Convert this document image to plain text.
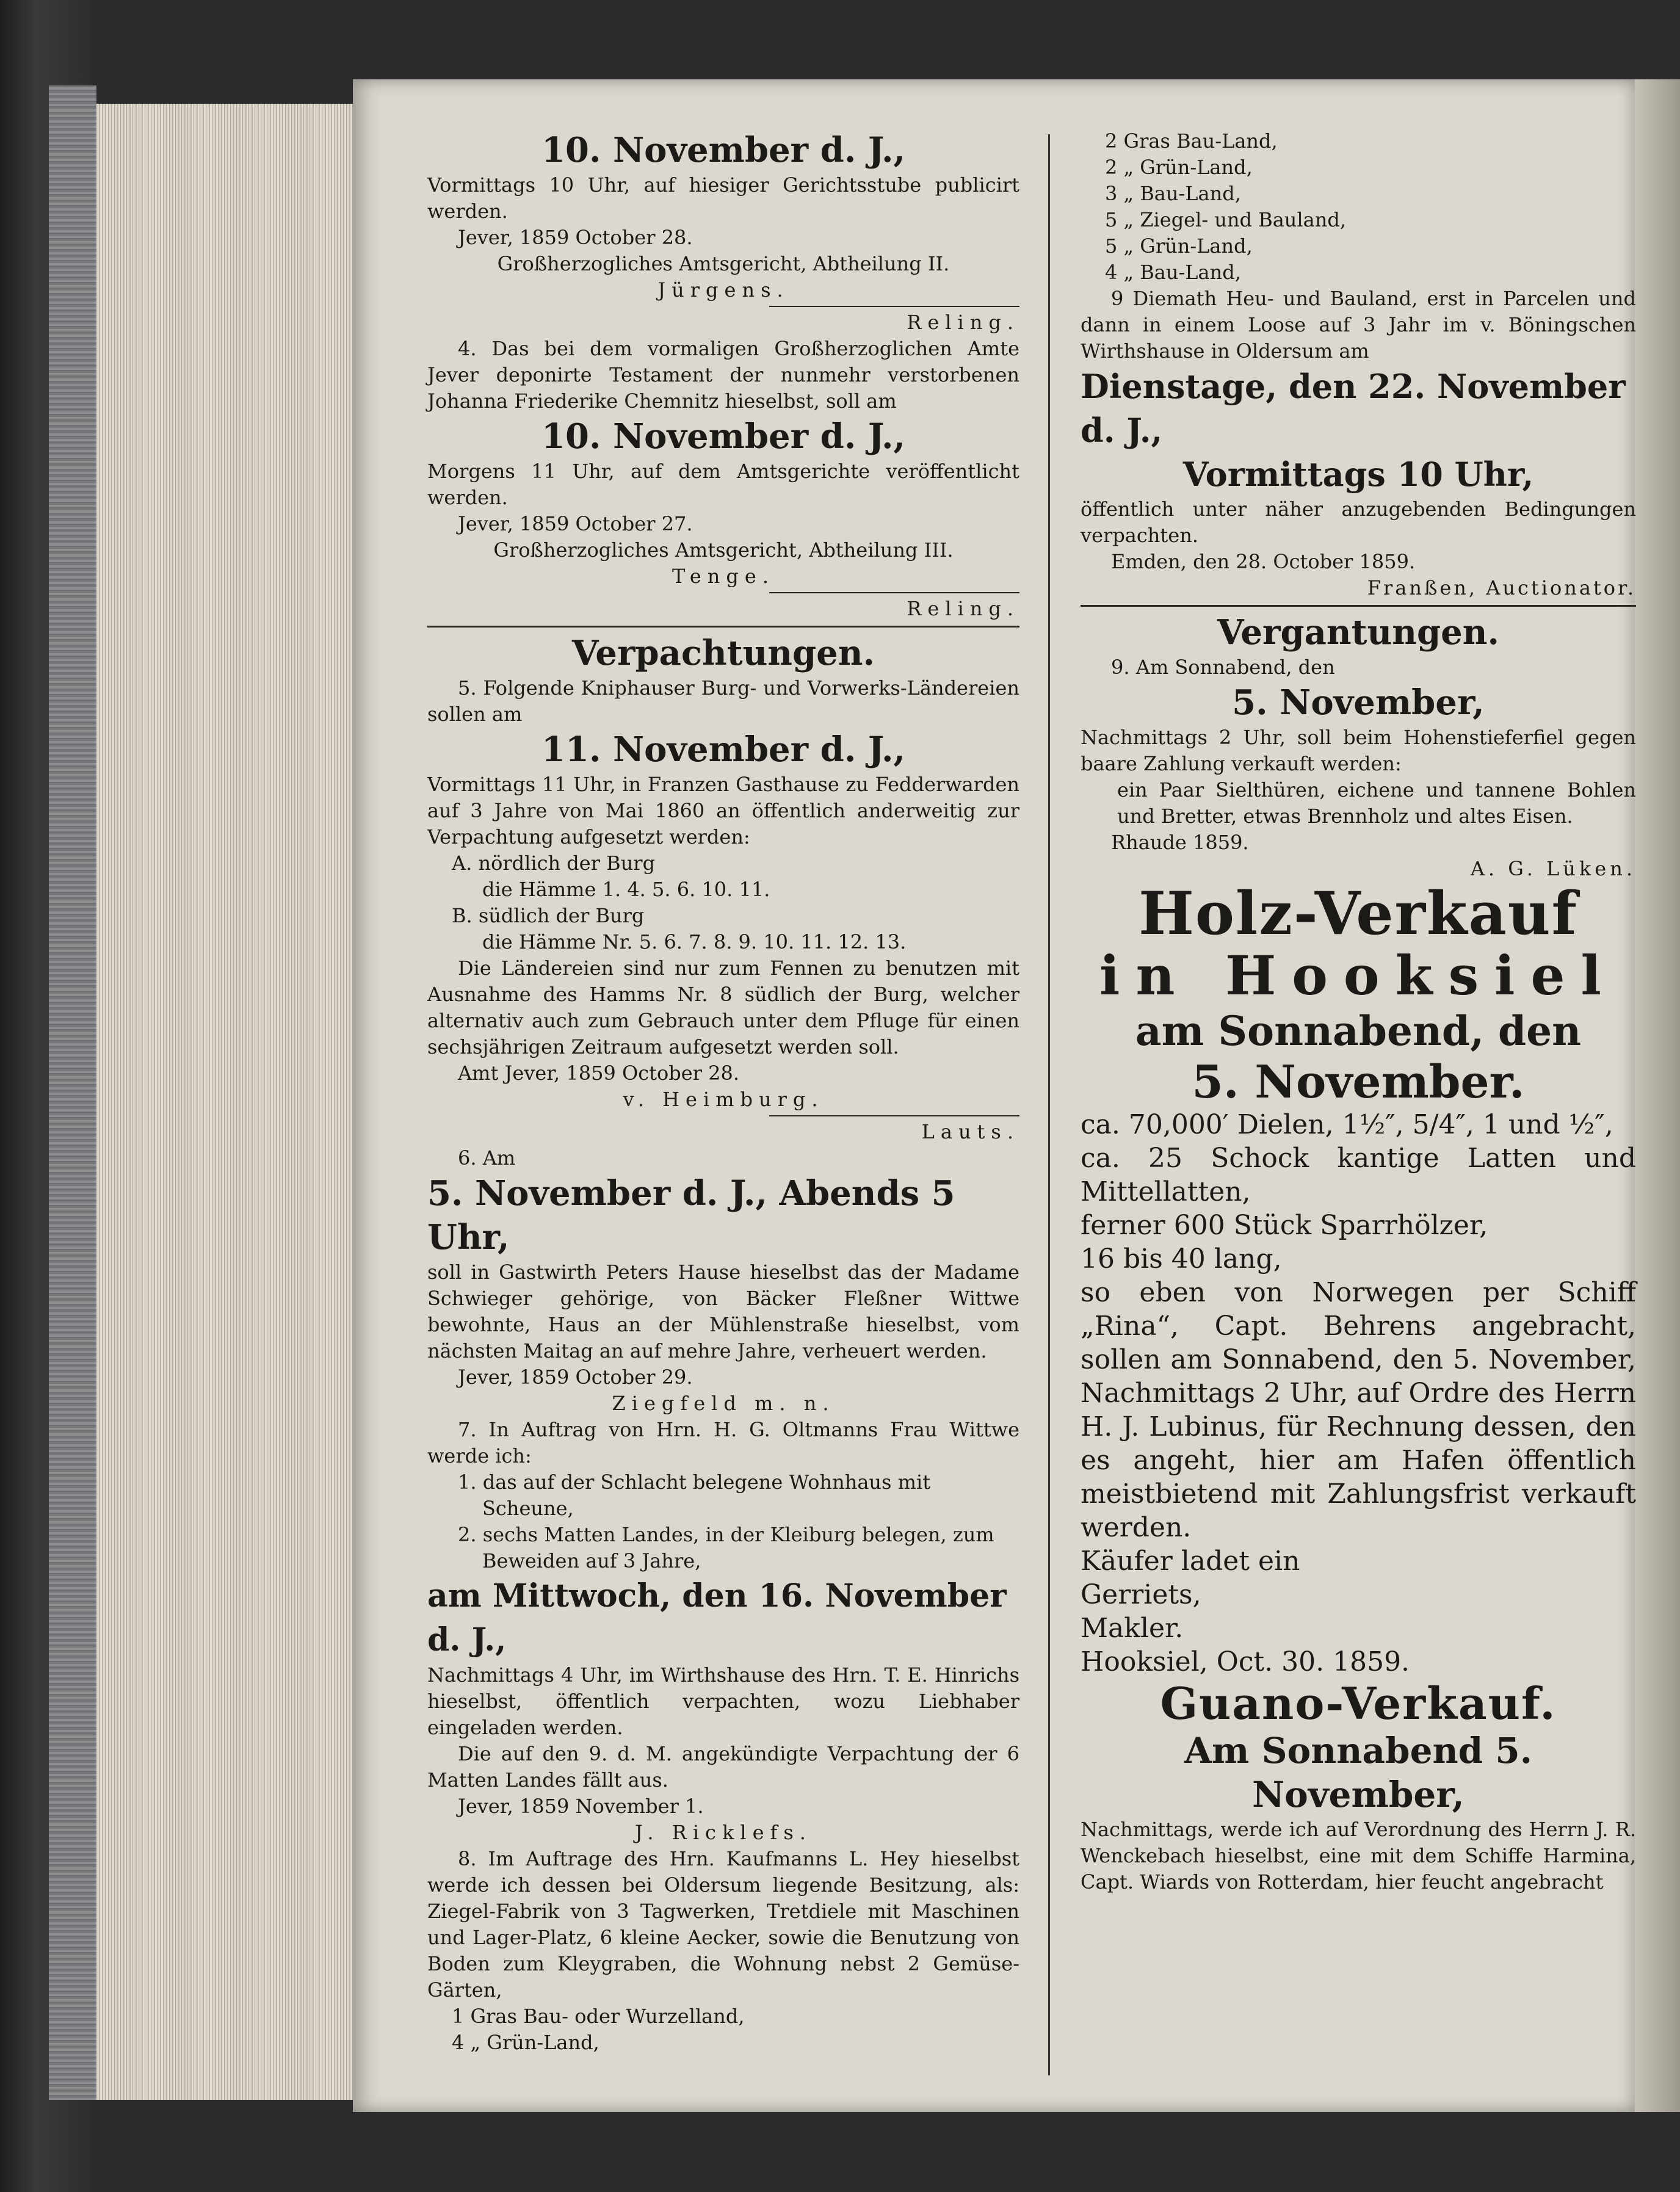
10. November d. J.,

Vormittags 10 Uhr, auf hiesiger Gerichtsstube publicirt werden.

Jever, 1859 October 28.

Großherzogliches Amtsgericht, Abtheilung II.

Jürgens.

Reling.

4. Das bei dem vormaligen Großherzoglichen Amte Jever deponirte Testament der nunmehr verstorbenen Johanna Friederike Chemnitz hieselbst, soll am

10. November d. J.,

Morgens 11 Uhr, auf dem Amtsgerichte veröffentlicht werden.

Jever, 1859 October 27.

Großherzogliches Amtsgericht, Abtheilung III.

Tenge.

Reling.

Verpachtungen.

5. Folgende Kniphauser Burg- und Vorwerks-Ländereien sollen am

11. November d. J.,

Vormittags 11 Uhr, in Franzen Gasthause zu Fedderwarden auf 3 Jahre von Mai 1860 an öffentlich anderweitig zur Verpachtung aufgesetzt werden:

A. nördlich der Burg

die Hämme 1. 4. 5. 6. 10. 11.

B. südlich der Burg

die Hämme Nr. 5. 6. 7. 8. 9. 10. 11. 12. 13.

Die Ländereien sind nur zum Fennen zu benutzen mit Ausnahme des Hamms Nr. 8 südlich der Burg, welcher alternativ auch zum Gebrauch unter dem Pfluge für einen sechsjährigen Zeitraum aufgesetzt werden soll.

Amt Jever, 1859 October 28.

v. Heimburg.

Lauts.

6. Am

5. November d. J., Abends 5 Uhr,

soll in Gastwirth Peters Hause hieselbst das der Madame Schwieger gehörige, von Bäcker Fleßner Wittwe bewohnte, Haus an der Mühlenstraße hieselbst, vom nächsten Maitag an auf mehre Jahre, verheuert werden.

Jever, 1859 October 29.

Ziegfeld m. n.

7. In Auftrag von Hrn. H. G. Oltmanns Frau Wittwe werde ich:

1. das auf der Schlacht belegene Wohnhaus mit Scheune,

2. sechs Matten Landes, in der Kleiburg belegen, zum Beweiden auf 3 Jahre,

am Mittwoch, den 16. November d. J.,

Nachmittags 4 Uhr, im Wirthshause des Hrn. T. E. Hinrichs hieselbst, öffentlich verpachten, wozu Liebhaber eingeladen werden.

Die auf den 9. d. M. angekündigte Verpachtung der 6 Matten Landes fällt aus.

Jever, 1859 November 1.

J. Ricklefs.

8. Im Auftrage des Hrn. Kaufmanns L. Hey hieselbst werde ich dessen bei Oldersum liegende Besitzung, als: Ziegel-Fabrik von 3 Tagwerken, Tretdiele mit Maschinen und Lager-Platz, 6 kleine Aecker, sowie die Benutzung von Boden zum Kleygraben, die Wohnung nebst 2 Gemüse-Gärten,

1 Gras Bau- oder Wurzelland,

4 „ Grün-Land,

2 Gras Bau-Land,

2 „ Grün-Land,

3 „ Bau-Land,

5 „ Ziegel- und Bauland,

5 „ Grün-Land,

4 „ Bau-Land,

9 Diemath Heu- und Bauland, erst in Parcelen und dann in einem Loose auf 3 Jahr im v. Böningschen Wirthshause in Oldersum am

Dienstage, den 22. November d. J.,

Vormittags 10 Uhr,

öffentlich unter näher anzugebenden Bedingungen verpachten.

Emden, den 28. October 1859.

Franßen, Auctionator.

Vergantungen.

9. Am Sonnabend, den

5. November,

Nachmittags 2 Uhr, soll beim Hohenstieferfiel gegen baare Zahlung verkauft werden:

ein Paar Sielthüren, eichene und tannene Bohlen und Bretter, etwas Brennholz und altes Eisen.

Rhaude 1859.

A. G. Lüken.

Holz-Verkauf

in Hooksiel

am Sonnabend, den

5. November.

ca. 70,000′ Dielen, 1½″, 5/4″, 1 und ½″,

ca. 25 Schock kantige Latten und Mittellatten,

ferner 600 Stück Sparrhölzer,

16 bis 40 lang,

so eben von Norwegen per Schiff „Rina“, Capt. Behrens angebracht, sollen am Sonnabend, den 5. November, Nachmittags 2 Uhr, auf Ordre des Herrn H. J. Lubinus, für Rechnung dessen, den es angeht, hier am Hafen öffentlich meistbietend mit Zahlungsfrist verkauft werden.

Käufer ladet ein

Gerriets,

Makler.

Hooksiel, Oct. 30. 1859.

Guano-Verkauf.

Am Sonnabend 5. November,

Nachmittags, werde ich auf Verordnung des Herrn J. R. Wenckebach hieselbst, eine mit dem Schiffe Harmina, Capt. Wiards von Rotterdam, hier feucht angebracht
